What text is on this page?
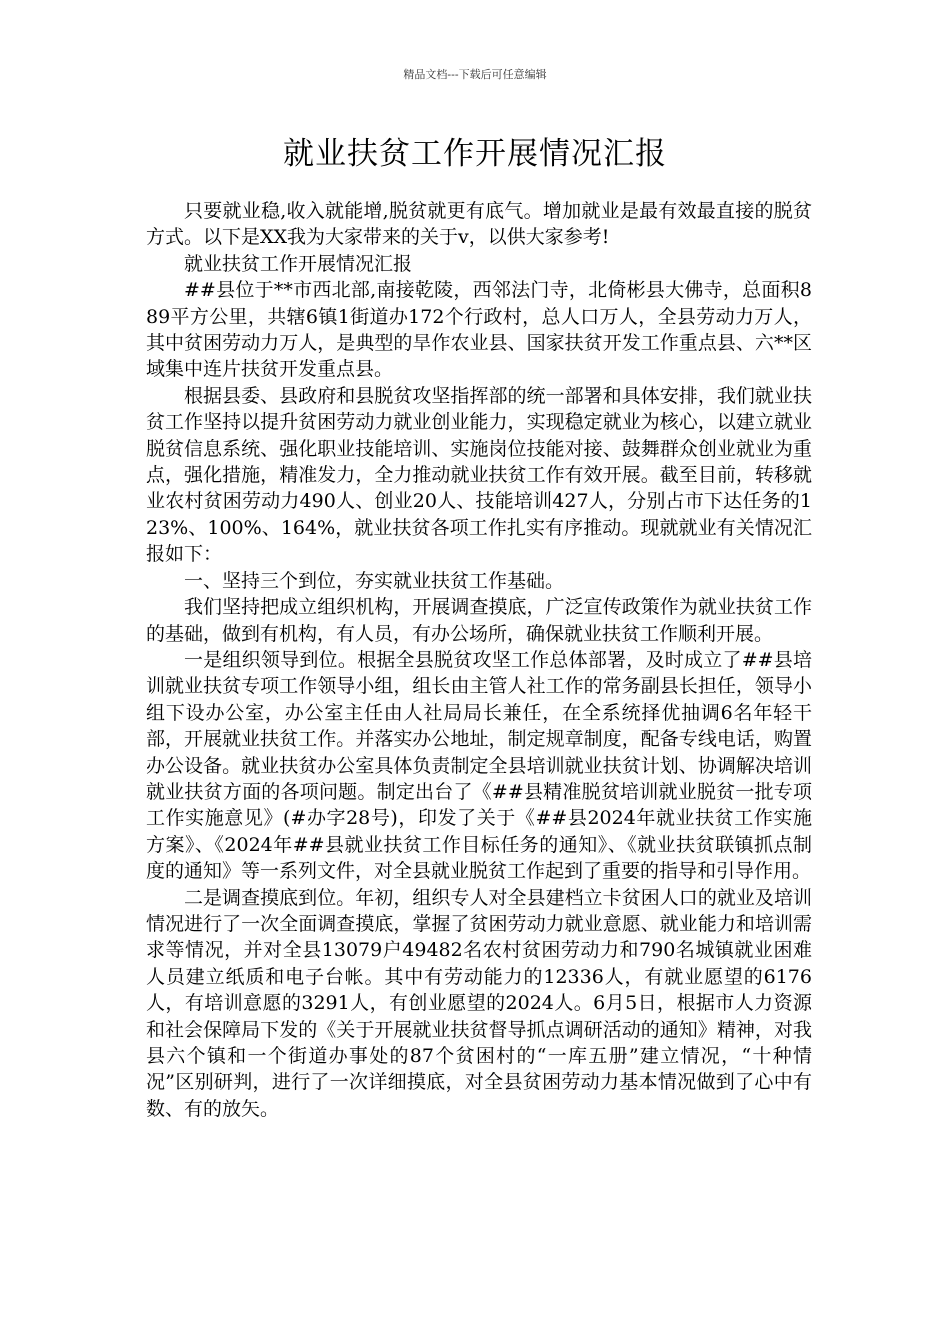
精品文档---下载后可任意编辑
就业扶贫工作开展情况汇报

只要就业稳,收入就能增,脱贫就更有底气。增加就业是最有效最直接的脱贫方式。以下是XX我为大家带来的关于v，以供大家参考!

就业扶贫工作开展情况汇报

##县位于**市西北部,南接乾陵，西邻法门寺，北倚彬县大佛寺，总面积889平方公里，共辖6镇1街道办172个行政村，总人口万人，全县劳动力万人，其中贫困劳动力万人，是典型的旱作农业县、国家扶贫开发工作重点县、六**区域集中连片扶贫开发重点县。

根据县委、县政府和县脱贫攻坚指挥部的统一部署和具体安排，我们就业扶贫工作坚持以提升贫困劳动力就业创业能力，实现稳定就业为核心，以建立就业脱贫信息系统、强化职业技能培训、实施岗位技能对接、鼓舞群众创业就业为重点，强化措施，精准发力，全力推动就业扶贫工作有效开展。截至目前，转移就业农村贫困劳动力490人、创业20人、技能培训427人，分别占市下达任务的123%、100%、164%，就业扶贫各项工作扎实有序推动。现就就业有关情况汇报如下：

一、坚持三个到位，夯实就业扶贫工作基础。

我们坚持把成立组织机构，开展调查摸底，广泛宣传政策作为就业扶贫工作的基础，做到有机构，有人员，有办公场所，确保就业扶贫工作顺利开展。

一是组织领导到位。根据全县脱贫攻坚工作总体部署，及时成立了##县培训就业扶贫专项工作领导小组，组长由主管人社工作的常务副县长担任，领导小组下设办公室，办公室主任由人社局局长兼任，在全系统择优抽调6名年轻干部，开展就业扶贫工作。并落实办公地址，制定规章制度，配备专线电话，购置办公设备。就业扶贫办公室具体负责制定全县培训就业扶贫计划、协调解决培训就业扶贫方面的各项问题。制定出台了《##县精准脱贫培训就业脱贫一批专项工作实施意见》(#办字28号)，印发了关于《##县2024年就业扶贫工作实施方案》、《2024年##县就业扶贫工作目标任务的通知》、《就业扶贫联镇抓点制度的通知》等一系列文件，对全县就业脱贫工作起到了重要的指导和引导作用。

二是调查摸底到位。年初，组织专人对全县建档立卡贫困人口的就业及培训情况进行了一次全面调查摸底，掌握了贫困劳动力就业意愿、就业能力和培训需求等情况，并对全县13079户49482名农村贫困劳动力和790名城镇就业困难人员建立纸质和电子台帐。其中有劳动能力的12336人，有就业愿望的6176人，有培训意愿的3291人，有创业愿望的2024人。6月5日，根据市人力资源和社会保障局下发的《关于开展就业扶贫督导抓点调研活动的通知》精神，对我县六个镇和一个街道办事处的87个贫困村的“一库五册”建立情况，“十种情况”区别研判，进行了一次详细摸底，对全县贫困劳动力基本情况做到了心中有数、有的放矢。
